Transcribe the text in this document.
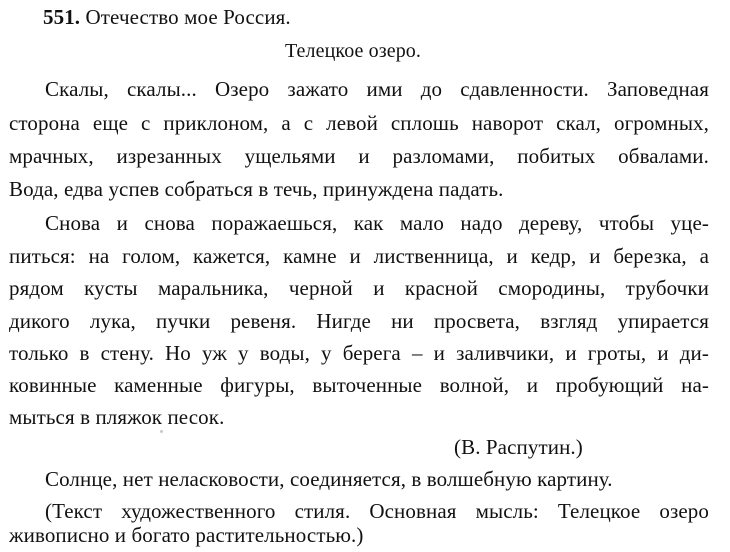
551. Отечество мое Россия.
Телецкое озеро.
Скалы, скалы... Озеро зажато ими до сдавленности. Заповедная
сторона еще с приклоном, а с левой сплошь наворот скал, огромных,
мрачных, изрезанных ущельями и разломами, побитых обвалами.
Вода, едва успев собраться в течь, принуждена падать.
Снова и снова поражаешься, как мало надо дереву, чтобы уце-
питься: на голом, кажется, камне и лиственница, и кедр, и березка, а
рядом кусты маральника, черной и красной смородины, трубочки
дикого лука, пучки ревеня. Нигде ни просвета, взгляд упирается
только в стену. Но уж у воды, у берега – и заливчики, и гроты, и ди-
ковинные каменные фигуры, выточенные волной, и пробующий на-
мыться в пляжок песок.
(В. Распутин.)
Солнце, нет неласковости, соединяется, в волшебную картину.
(Текст художественного стиля. Основная мысль: Телецкое озеро
живописно и богато растительностью.)
